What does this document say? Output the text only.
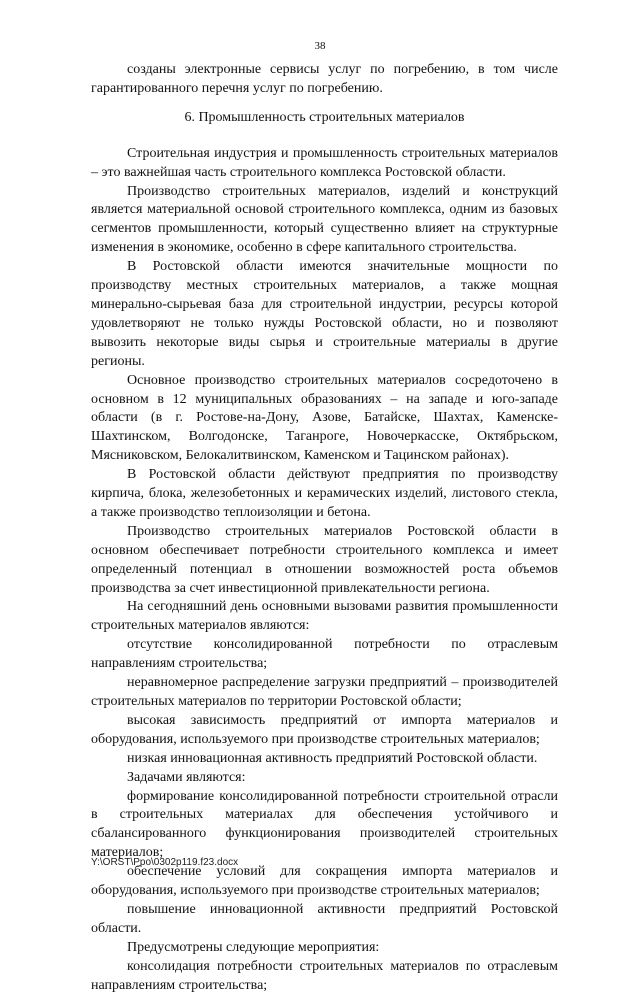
38

созданы электронные сервисы услуг по погребению, в том числе гарантированного перечня услуг по погребению.

6. Промышленность строительных материалов

Строительная индустрия и промышленность строительных материалов – это важнейшая часть строительного комплекса Ростовской области.

Производство строительных материалов, изделий и конструкций является материальной основой строительного комплекса, одним из базовых сегментов промышленности, который существенно влияет на структурные изменения в экономике, особенно в сфере капитального строительства.

В Ростовской области имеются значительные мощности по производству местных строительных материалов, а также мощная минерально-сырьевая база для строительной индустрии, ресурсы которой удовлетворяют не только нужды Ростовской области, но и позволяют вывозить некоторые виды сырья и строительные материалы в другие регионы.

Основное производство строительных материалов сосредоточено в основном в 12 муниципальных образованиях – на западе и юго-западе области (в г. Ростове-на-Дону, Азове, Батайске, Шахтах, Каменске-Шахтинском, Волгодонске, Таганроге, Новочеркасске, Октябрьском, Мясниковском, Белокалитвинском, Каменском и Тацинском районах).

В Ростовской области действуют предприятия по производству кирпича, блока, железобетонных и керамических изделий, листового стекла, а также производство теплоизоляции и бетона.

Производство строительных материалов Ростовской области в основном обеспечивает потребности строительного комплекса и имеет определенный потенциал в отношении возможностей роста объемов производства за счет инвестиционной привлекательности региона.

На сегодняшний день основными вызовами развития промышленности строительных материалов являются:

отсутствие консолидированной потребности по отраслевым направлениям строительства;

неравномерное распределение загрузки предприятий – производителей строительных материалов по территории Ростовской области;

высокая зависимость предприятий от импорта материалов и оборудования, используемого при производстве строительных материалов;

низкая инновационная активность предприятий Ростовской области.

Задачами являются:

формирование консолидированной потребности строительной отрасли в строительных материалах для обеспечения устойчивого и сбалансированного функционирования производителей строительных материалов;

обеспечение условий для сокращения импорта материалов и оборудования, используемого при производстве строительных материалов;

повышение инновационной активности предприятий Ростовской области.

Предусмотрены следующие мероприятия:

консолидация потребности строительных материалов по отраслевым направлениям строительства;

Y:\ORST\Ppo\0302p119.f23.docx
